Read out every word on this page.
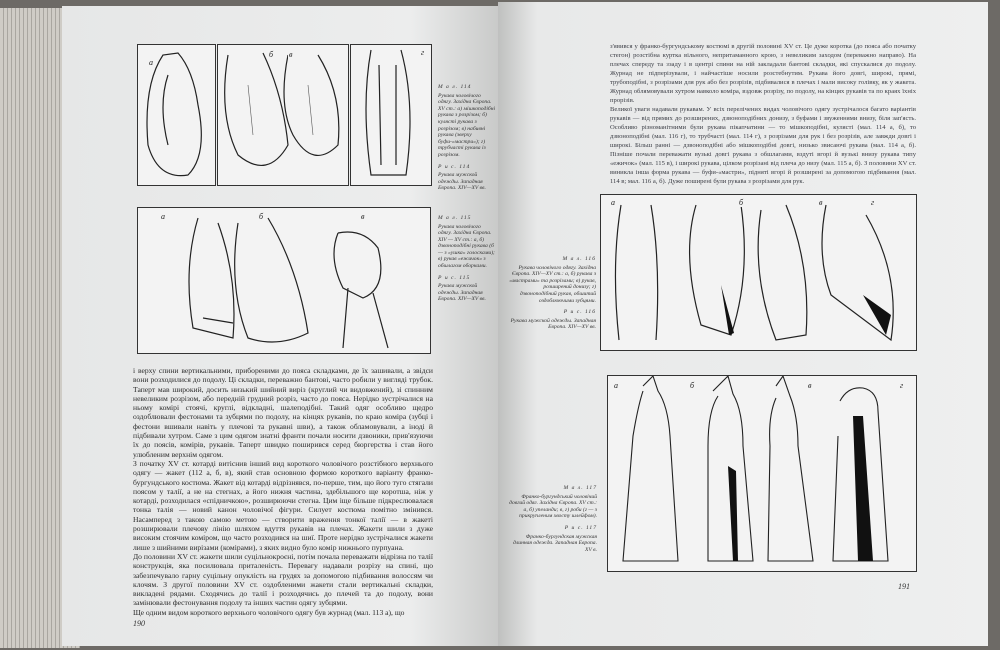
а
б в	г
М а л. 114

Рукава чоловічого одягу. Західна Європа. XV ст.: а) мішкоподібні рукава з розрізом; б) кулясті рукава з розрізом; в) набивні рукава (зверху буфи-«мастри»); г) трубчасті рукава із розрізом.

Р и с. 114

Рукава мужской одежды. Западная Европа. XIV—XV вв.

М а л. 115

Рукава чоловічого одягу. Західна Європа. XIV — XV ст.: а, б) дзвоноподібні рукава (б — з «ушка» голосками); в) рукав «ежичок» з обшлагом оборками.

Р и с. 115

Рукава мужской одежды. Западная Европа. XIV—XV вв.

а	б	в

і верху спини вертикальними, прибореними до пояса складками, де їх зашивали, а звідси вони розходилися до подолу. Ці складки, переважно бантові, часто робили у вигляді трубок. Таперт мав широкий, досить низький шийний виріз (круглий чи видовжений), зі спинним невеликим розрізом, або передній грудний розріз, часто до пояса. Нерідко зустрічалися на ньому комірі стоячі, круглі, відкладні, шалеподібні. Такий одяг особливо щедро оздоблювали фестонами та зубцями по подолу, на кінцях рукавів, по краю коміра (зубці і фестони вшивали навіть у плечові та рукавні шви), а також обламовували, а іноді й підбивали хутром. Саме з цим одягом знатні франти почали носити дзвоники, прив'язуючи їх до поясів, комірів, рукавів. Таперт швидко поширився серед бюргерства і став його улюбленим верхнім одягом.

З початку XV ст. котарді витіснив інший вид короткого чоловічого розстібного верхнього одягу — жакет (112 а, б, в), який став основною формою короткого варіанту франко-бургундського костюма. Жакет від котарді відрізнявся, по-перше, тим, що його туго стягали поясом у талії, а не на стегнах, а його нижня частина, здебільшого ще коротша, ніж у котарді, розходилася «спідничкою», розширюючи стегна. Цим іще більше підкреслювалася тонка талія — новий канон чоловічої фігури. Силует костюма помітно змінився. Насамперед з такою самою метою — створити враження тонкої талії — в жакеті розширювали плечову лінію шляхом вдуття рукавів на плечах. Жакети шили з дуже високим стоячим коміром, що часто розходився на шиї. Проте нерідко зустрічалися жакети лише з шийними вирізами (комірами), з яких видно було комір нижнього пурпуана.

До половини XV ст. жакети шили суцільнокроєні, потім почала переважати відрізна по талії конструкція, яка посилювала приталеність. Перевагу надавали розрізу на спині, що забезпечувало гарну суцільну опуклість на грудях за допомогою підбивання волоссям чи клочям. З другої половини XV ст. оздобленими жакети стали вертикальні складки, викладені рядами. Сходячись до талії і розходячись до плечей та до подолу, вони замінювали фестонування подолу та інших частин одягу зубцями.

Ще одним видом короткого верхнього чоловічого одягу був журнад (мал. 113 а), що

190

з'явився у франко-бургундському костюмі в другій половині XV ст. Це дуже коротка (до пояса або початку стегон) розстібна куртка вільного, непритаманного крою, з невеликим заходом (переважно направо). На плечах спереду та ззаду і в центрі спини на ній закладали бантові складки, які спускалися до подолу. Журнад не підперізували, і найчастіше носили розстебнутим. Рукава його довгі, широкі, прямі, трубоподібні, з розрізами для рук або без розрізів, підбивалися в плечах і мали високу голівку, як у жакета. Журнад облямовували хутром навколо коміра, вздовж розрізу, по подолу, на кінцях рукавів та по краях їхніх прорізів.

Великої уваги надавали рукавам. У всіх перелічених видах чоловічого одягу зустрічалося багато варіантів рукавів — від прямих до розширених, дзвоноподібних донизу, з буфами і звуженнями внизу, біля зап'ясть. Особливо різноманітними були рукава пікапчатини — то мішкоподібні, кулясті (мал. 114 а, б), то дзвоноподібні (мал. 116 г), то трубчасті (мал. 114 г), з розрізами для рук і без розрізів, але завжди довгі і широкі. Більш ранні — дзвоноподібні або мішкоподібні довгі, низько звисаючі рукава (мал. 114 а, б). Пізніше почали переважати вузькі довгі рукава з обшлагами, вздуті вгорі й вузькі внизу рукава типу «ежичок» (мал. 115 в), і широкі рукава, цілком розрізані від плеча до низу (мал. 115 а, б). З половини XV ст. виникла інша форма рукава — буфи-«мастри», піднятi вгорі й розширені за допомогою підбивання (мал. 114 в; мал. 116 а, б). Дуже поширені були рукава з розрізами для рук.

а	б	в	г
М а л. 116

Рукава чоловічого одягу. Західна Європа. XIV—XV ст.: а, б) рукава з «мастрами» та розрізами; в) рукав, розширений донизу; г) дзвоноподібний рукав, обшитий оздоблюючими зубцями.

Р и с. 116

Рукава мужской одежды. Западная Европа. XIV—XV вв.

а	б	в	г
М а л. 117

Франко-бургундський чоловічий довгий одяг. Західна Європа. XV ст.: а, б) упеланди; в, г) роби (г — з прикрупленим хвосту шлейфом).

Р и с. 117

Франко-бургундская мужская длинная одежда. Западная Европа. XV в.

191
